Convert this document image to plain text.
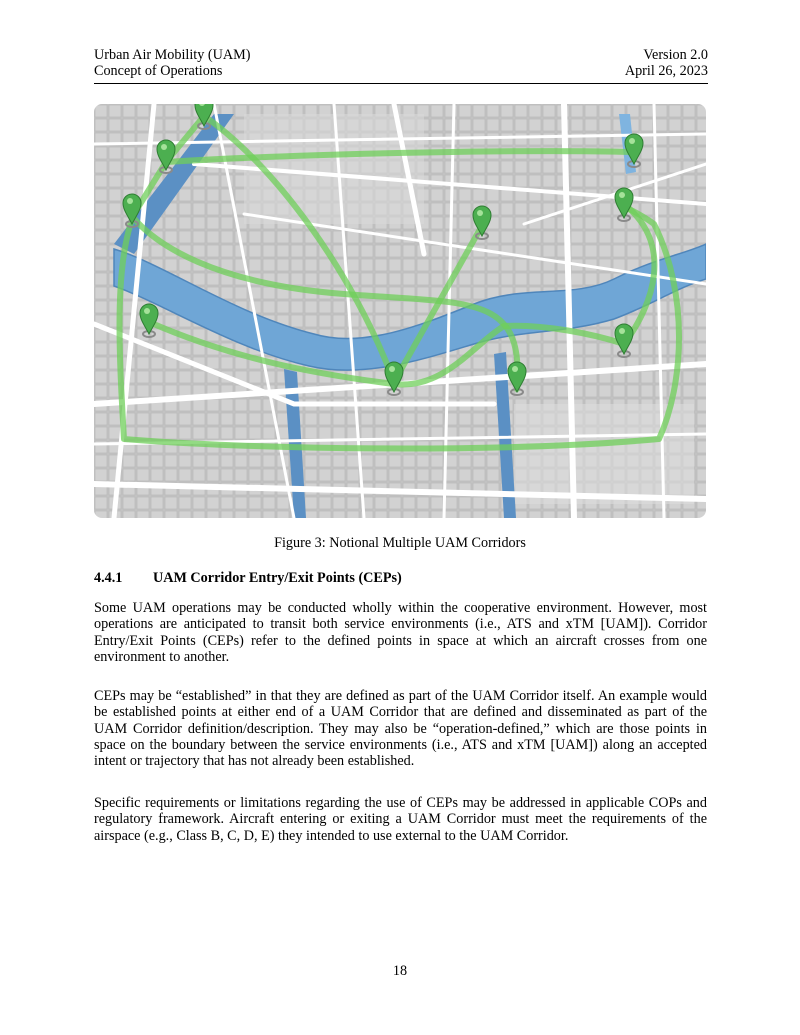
Urban Air Mobility (UAM)	Version 2.0
Concept of Operations	April 26, 2023
Figure 3: Notional Multiple UAM Corridors
4.4.1 UAM Corridor Entry/Exit Points (CEPs)

Some UAM operations may be conducted wholly within the cooperative environment. However, most operations are anticipated to transit both service environments (i.e., ATS and xTM [UAM]). Corridor Entry/Exit Points (CEPs) refer to the defined points in space at which an aircraft crosses from one environment to another.

CEPs may be “established” in that they are defined as part of the UAM Corridor itself. An example would be established points at either end of a UAM Corridor that are defined and disseminated as part of the UAM Corridor definition/description. They may also be “operation-defined,” which are those points in space on the boundary between the service environments (i.e., ATS and xTM [UAM]) along an accepted intent or trajectory that has not already been established.

Specific requirements or limitations regarding the use of CEPs may be addressed in applicable COPs and regulatory framework. Aircraft entering or exiting a UAM Corridor must meet the requirements of the airspace (e.g., Class B, C, D, E) they intended to use external to the UAM Corridor.

18
